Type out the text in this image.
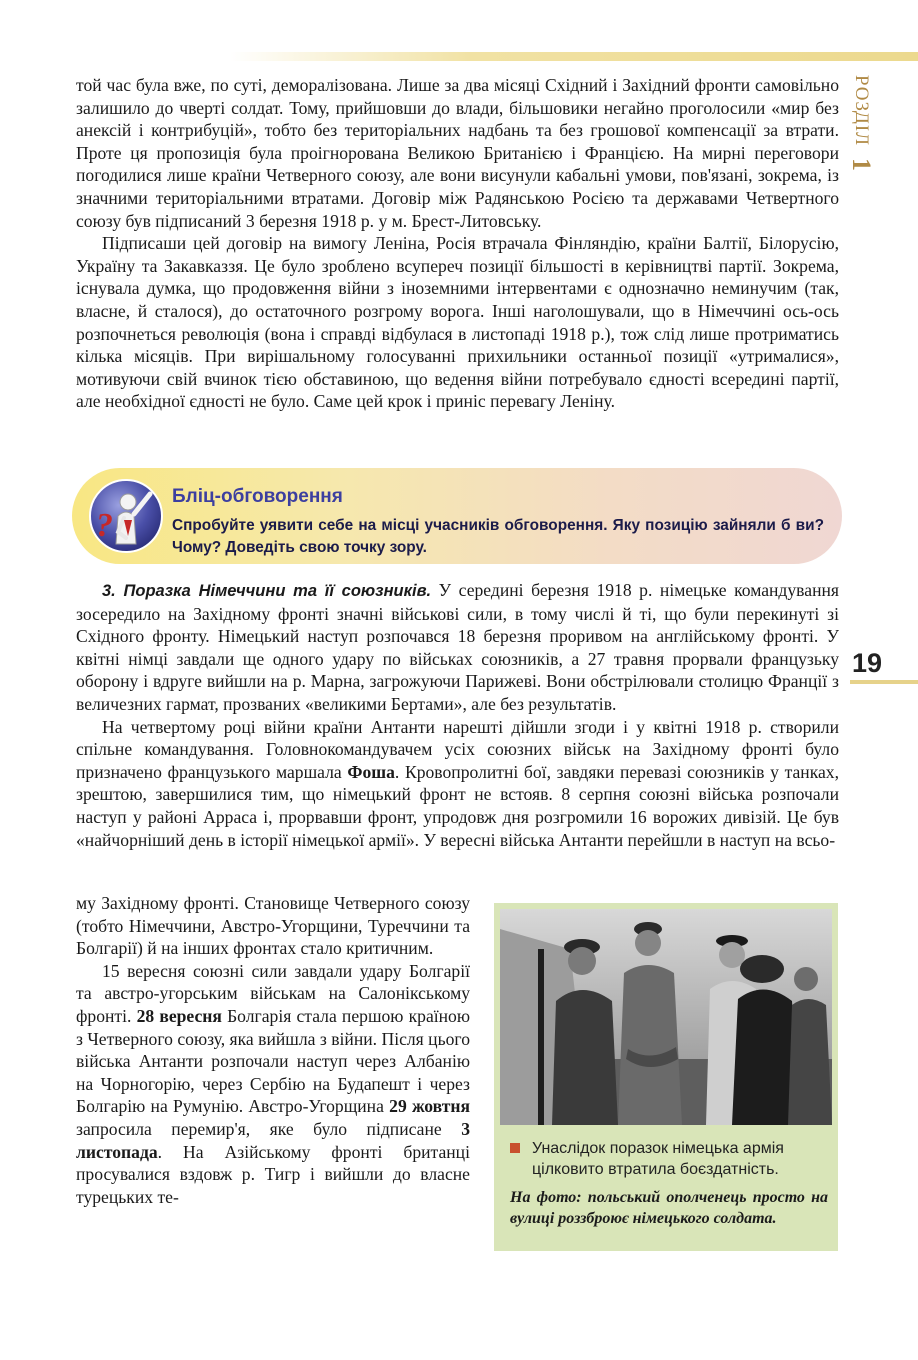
РОЗДІЛ 1
19

той час була вже, по суті, деморалізована. Лише за два місяці Східний і Західний фронти самовільно залишило до чверті солдат. Тому, прийшовши до влади, більшовики негайно проголосили «мир без анексій і контрибуцій», тобто без територіальних надбань та без грошової компенсації за втрати. Проте ця пропозиція була проігнорована Великою Британією і Францією. На мирні переговори погодилися лише країни Четверного союзу, але вони висунули кабальні умови, пов'язані, зокрема, із значними територіальними втратами. Договір між Радянською Росією та державами Четвертного союзу був підписаний 3 березня 1918 р. у м. Брест-Литовську.

Підписаши цей договір на вимогу Леніна, Росія втрачала Фінляндію, країни Балтії, Білорусію, Україну та Закавказзя. Це було зроблено всупереч позиції більшості в керівництві партії. Зокрема, існувала думка, що продовження війни з іноземними інтервентами є однозначно неминучим (так, власне, й сталося), до остаточного розгрому ворога. Інші наголошували, що в Німеччині ось-ось розпочнеться революція (вона і справді відбулася в листопаді 1918 р.), тож слід лише протриматись кілька місяців. При вирішальному голосуванні прихильники останньої позиції «утрималися», мотивуючи свій вчинок тією обставиною, що ведення війни потребувало єдності всередині партії, але необхідної єдності не було. Саме цей крок і приніс перевагу Леніну.

?
Бліц-обговорення
Спробуйте уявити себе на місці учасників обговорення. Яку позицію зайняли б ви? Чому? Доведіть свою точку зору.

3. Поразка Німеччини та її союзників. У середині березня 1918 р. німецьке командування зосередило на Західному фронті значні військові сили, в тому числі й ті, що були перекинуті зі Східного фронту. Німецький наступ розпочався 18 березня проривом на англійському фронті. У квітні німці завдали ще одного удару по військах союзників, а 27 травня прорвали французьку оборону і вдруге вийшли на р. Марна, загрожуючи Парижеві. Вони обстрілювали столицю Франції з величезних гармат, прозваних «великими Бертами», але без результатів.

На четвертому році війни країни Антанти нарешті дійшли згоди і у квітні 1918 р. створили спільне командування. Головнокомандувачем усіх союзних військ на Західному фронті було призначено французького маршала Фоша. Кровопролитні бої, завдяки перевазі союзників у танках, зрештою, завершилися тим, що німецький фронт не встояв. 8 серпня союзні війська розпочали наступ у районі Арраса і, прорвавши фронт, упродовж дня розгромили 16 ворожих дивізій. Це був «найчорніший день в історії німецької армії». У вересні війська Антанти перейшли в наступ на всьо-

му Західному фронті. Становище Четверного союзу (тобто Німеччини, Австро-Угорщини, Туреччини та Болгарії) й на інших фронтах стало критичним.

15 вересня союзні сили завдали удару Болгарії та австро-угорським військам на Салонікському фронті. 28 вересня Болгарія стала першою країною з Четверного союзу, яка вийшла з війни. Після цього війська Антанти розпочали наступ через Албанію на Чорногорію, через Сербію на Будапешт і через Болгарію на Румунію. Австро-Угорщина 29 жовтня запросила перемир'я, яке було підписане 3 листопада. На Азійському фронті британці просувалися вздовж р. Тигр і вийшли до власне турецьких те-

Унаслідок поразок німецька армія цілковито втратила боєздатність.
На фото: польський ополченець просто на вулиці роззброює німецького солдата.
